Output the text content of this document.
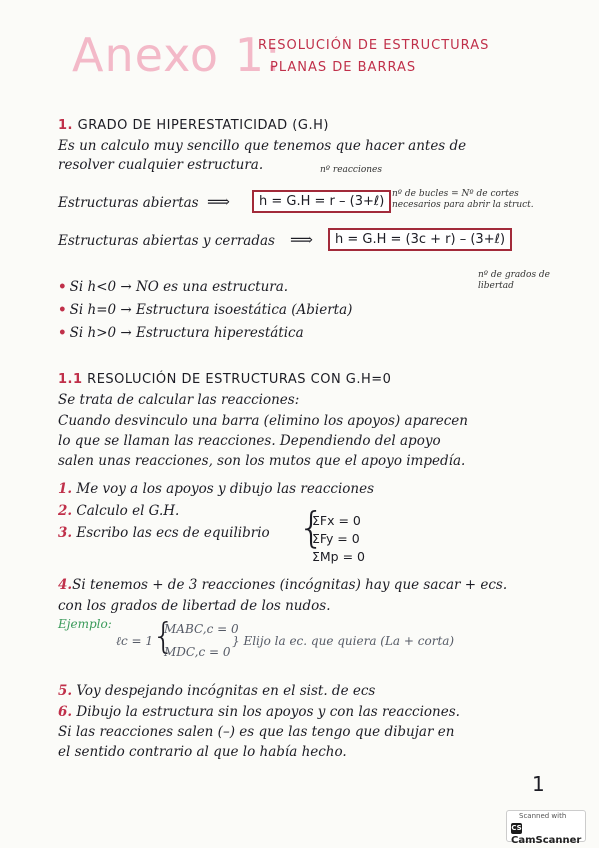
Anexo 1:
RESOLUCIÓN DE ESTRUCTURAS
PLANAS DE BARRAS
1. GRADO DE HIPERESTATICIDAD (G.H)
Es un calculo muy sencillo que tenemos que hacer antes de
resolver cualquier estructura.	nº reacciones
Estructuras abiertas ⟹	h = G.H = r – (3+ℓ) nº de bucles = Nº de cortes
necesarios para abrir la struct.
Estructuras abiertas y cerradas ⟹	h = G.H = (3c + r) – (3+ℓ)
nº de grados de
libertad
• Si h<0 → NO es una estructura.
• Si h=0 → Estructura isoestática (Abierta)
• Si h>0 → Estructura hiperestática
1.1 RESOLUCIÓN DE ESTRUCTURAS CON G.H=0
Se trata de calcular las reacciones:
Cuando desvinculo una barra (elimino los apoyos) aparecen
lo que se llaman las reacciones. Dependiendo del apoyo
salen unas reacciones, son los mutos que el apoyo impedía.
1. Me voy a los apoyos y dibujo las reacciones
2. Calculo el G.H.
3. Escribo las ecs de equilibrio {
ΣFx = 0
ΣFy = 0
ΣMp = 0
4.Si tenemos + de 3 reacciones (incógnitas) hay que sacar + ecs.
con los grados de libertad de los nudos.
Ejemplo:
ℓc = 1
{
MABC,c = 0
MDC,c = 0
} Elijo la ec. que quiera (La + corta)
5. Voy despejando incógnitas en el sist. de ecs
6. Dibujo la estructura sin los apoyos y con las reacciones.
Si las reacciones salen (–) es que las tengo que dibujar en
el sentido contrario al que lo había hecho.
1
Scanned with
CSCamScanner
